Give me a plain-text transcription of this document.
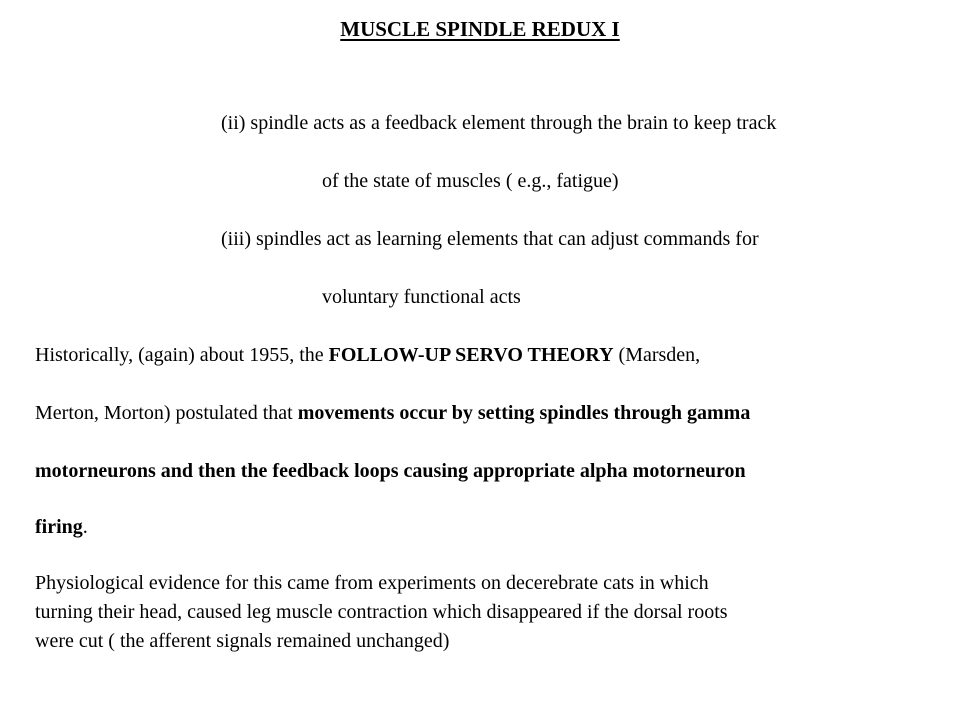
MUSCLE SPINDLE REDUX I
(ii) spindle acts as a feedback element through the brain to keep track
of the state of muscles ( e.g., fatigue)
(iii) spindles act as learning elements that can adjust commands for
voluntary functional acts
Historically, (again) about 1955, the FOLLOW-UP SERVO THEORY (Marsden,
Merton, Morton) postulated that movements occur by setting spindles through gamma
motorneurons and then the feedback loops causing appropriate alpha motorneuron
firing.
Physiological evidence for this came from experiments on decerebrate cats in which
turning their head, caused leg muscle contraction which disappeared if the dorsal roots
were cut ( the afferent signals remained unchanged)
